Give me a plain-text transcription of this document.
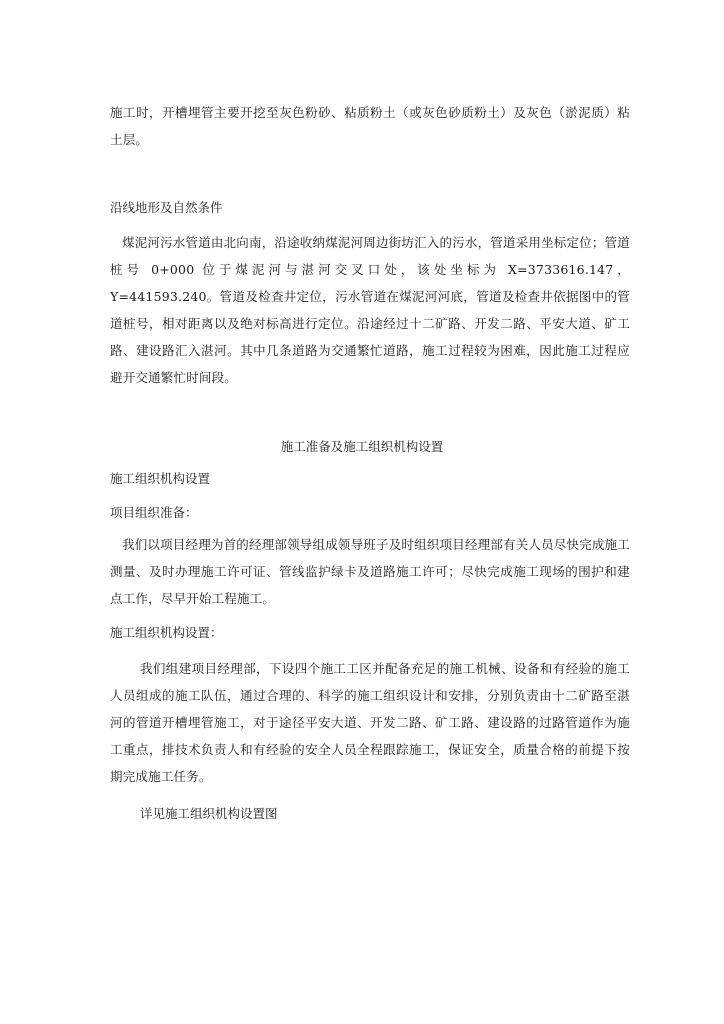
施工时，开槽埋管主要开挖至灰色粉砂、粘质粉土（或灰色砂质粉土）及灰色（淤泥质）粘土层。

沿线地形及自然条件

煤泥河污水管道由北向南，沿途收纳煤泥河周边街坊汇入的污水，管道采用坐标定位；管道桩号 0+000 位于煤泥河与湛河交叉口处，该处坐标为 X=3733616.147，Y=441593.240。管道及检查井定位，污水管道在煤泥河河底，管道及检查井依据图中的管道桩号，相对距离以及绝对标高进行定位。沿途经过十二矿路、开发二路、平安大道、矿工路、建设路汇入湛河。其中几条道路为交通繁忙道路，施工过程较为困难，因此施工过程应避开交通繁忙时间段。

施工准备及施工组织机构设置

施工组织机构设置

项目组织准备：

我们以项目经理为首的经理部领导组成领导班子及时组织项目经理部有关人员尽快完成施工测量、及时办理施工许可证、管线监护绿卡及道路施工许可；尽快完成施工现场的围护和建点工作，尽早开始工程施工。

施工组织机构设置：

我们组建项目经理部，下设四个施工工区并配备充足的施工机械、设备和有经验的施工人员组成的施工队伍，通过合理的、科学的施工组织设计和安排，分别负责由十二矿路至湛河的管道开槽埋管施工，对于途径平安大道、开发二路、矿工路、建设路的过路管道作为施工重点，排技术负责人和有经验的安全人员全程跟踪施工，保证安全，质量合格的前提下按期完成施工任务。

详见施工组织机构设置图
